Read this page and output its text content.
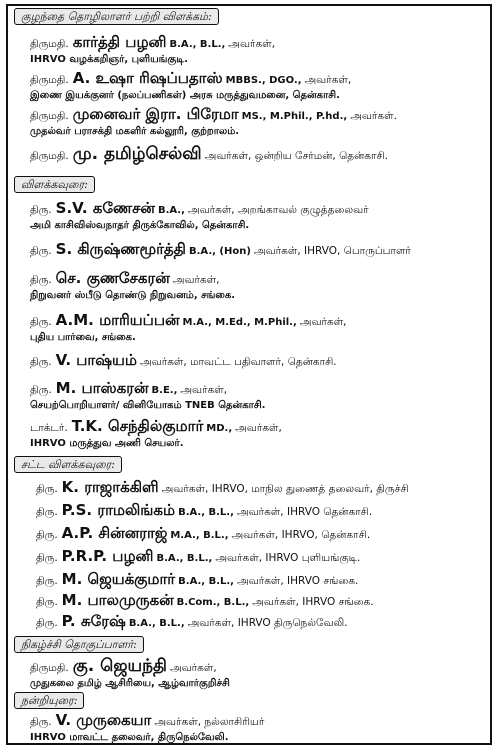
குழந்தை தொழிலாளர் பற்றி விளக்கம்:
திருமதி. கார்த்தி பழனி B.A., B.L., அவர்கள்,
IHRVO வழக்கறிஞர், புளியங்குடி.
திருமதி. A. உஷா ரிஷப்பதாஸ் MBBS., DGO., அவர்கள்,
இணை இயக்குனர் (நலப்பணிகள்) அரசு மருத்துவமனை, தென்காசி.
திருமதி. முனைவர் இரா. பிரேமா MS., M.Phil., P.hd., அவர்கள்.
முதல்வர் பராசக்தி மகளிர் கல்லூரி, குற்றாலம்.
திருமதி. மு. தமிழ்செல்வி அவர்கள், ஒன்றிய சேர்மன், தென்காசி.
விளக்கவுரை:
திரு. S.V. கணேசன் B.A., அவர்கள், அறங்காவல் குழுத்தலைவர்
அமி காசிவிஸ்வநாதர் திருக்கோவில், தென்காசி.
திரு. S. கிருஷ்ணமூர்த்தி B.A., (Hon) அவர்கள், IHRVO, பொருப்பாளர்
திரு. செ. குணசேகரன் அவர்கள்,
நிறுவனர் ஸ்பீடு தொண்டு நிறுவனம், சங்கை.
திரு. A.M. மாரியப்பன் M.A., M.Ed., M.Phil., அவர்கள்,
புதிய பார்வை, சங்கை.
திரு. V. பாஷ்யம் அவர்கள், மாவட்ட பதிவாளர், தென்காசி.
திரு. M. பாஸ்கரன் B.E., அவர்கள்,
செயற்பொறியாளர்/ வினியோகம் TNEB தென்காசி.
டாக்டர். T.K. செந்தில்குமார் MD., அவர்கள்,
IHRVO மருத்துவ அணி செயலர்.
சட்ட விளக்கவுரை:
திரு. K. ராஜாக்கிளி அவர்கள், IHRVO, மாநில துணைத் தலைவர், திருச்சி
திரு. P.S. ராமலிங்கம் B.A., B.L., அவர்கள், IHRVO தென்காசி.
திரு. A.P. சின்னராஜ் M.A., B.L., அவர்கள், IHRVO, தென்காசி.
திரு. P.R.P. பழனி B.A., B.L., அவர்கள், IHRVO புளியங்குடி.
திரு. M. ஜெயக்குமார் B.A., B.L., அவர்கள், IHRVO சங்கை.
திரு. M. பாலமுருகன் B.Com., B.L., அவர்கள், IHRVO சங்கை.
திரு. P. சுரேஷ் B.A., B.L., அவர்கள், IHRVO திருநெல்வேலி.
நிகழ்ச்சி தொகுப்பாளர்:
திருமதி. கு. ஜெயந்தி அவர்கள்,
முதுகலை தமிழ் ஆசிரியை, ஆழ்வார்குறிச்சி
நன்றியுரை:
திரு. V. முருகையா அவர்கள், நல்லாசிரியர்
IHRVO மாவட்ட தலைவர், திருநெல்வேலி.
